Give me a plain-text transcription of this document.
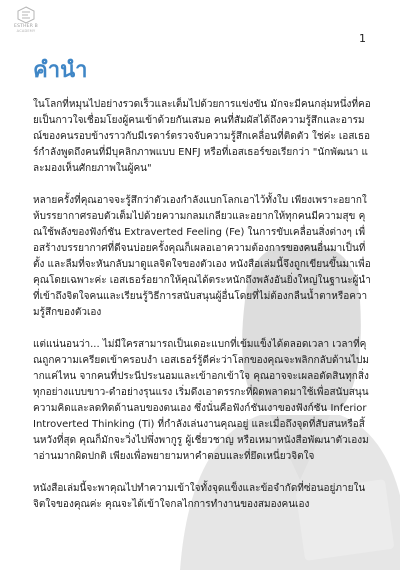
ESTHER B
ACADEMY
1
คำนำ

ในโลกที่หมุนไปอย่างรวดเร็วและเต็มไปด้วยการแข่งขัน มักจะมีคนกลุ่มหนึ่งที่คอยเป็นกาวใจเชื่อมโยงผู้คนเข้าด้วยกันเสมอ คนที่สัมผัสได้ถึงความรู้สึกและอารมณ์ของคนรอบข้างราวกับมีเรดาร์ตรวจจับความรู้สึกเคลื่อนที่ติดตัว ใช่ค่ะ เอสเธอร์กำลังพูดถึงคนที่มีบุคลิกภาพแบบ ENFJ หรือที่เอสเธอร์ขอเรียกว่า "นักพัฒนา และมองเห็นศักยภาพในผู้คน"

หลายครั้งที่คุณอาจจะรู้สึกว่าตัวเองกำลังแบกโลกเอาไว้ทั้งใบ เพียงเพราะอยากให้บรรยากาศรอบตัวเต็มไปด้วยความกลมเกลียวและอยากให้ทุกคนมีความสุข คุณใช้พลังของฟังก์ชัน Extraverted Feeling (Fe) ในการขับเคลื่อนสิ่งต่างๆ เพื่อสร้างบรรยากาศที่ดีจนบ่อยครั้งคุณก็เผลอเอาความต้องการของคนอื่นมาเป็นที่ตั้ง และลืมที่จะหันกลับมาดูแลจิตใจของตัวเอง หนังสือเล่มนี้จึงถูกเขียนขึ้นมาเพื่อคุณโดยเฉพาะค่ะ เอสเธอร์อยากให้คุณได้ตระหนักถึงพลังอันยิ่งใหญ่ในฐานะผู้นำที่เข้าถึงจิตใจคนและเรียนรู้วิธีการสนับสนุนผู้อื่นโดยที่ไม่ต้องกลืนน้ำตาหรือความรู้สึกของตัวเอง

แต่แน่นอนว่า... ไม่มีใครสามารถเป็นเดอะแบกที่เข้มแข็งได้ตลอดเวลา เวลาที่คุณถูกความเครียดเข้าครอบงำ เอสเธอร์รู้ดีค่ะว่าโลกของคุณจะพลิกกลับด้านไปมากแค่ไหน จากคนที่ประนีประนอมและเข้าอกเข้าใจ คุณอาจจะเผลอตัดสินทุกสิ่งทุกอย่างแบบขาว-ดำอย่างรุนแรง เริ่มดึงเอาตรรกะที่ผิดพลาดมาใช้เพื่อสนับสนุนความคิดและลดทิดด้านลบของตนเอง ซึ่งนั่นคือฟังก์ชันเงาของฟังก์ชัน Inferior Introverted Thinking (Ti) ที่กำลังเล่นงานคุณอยู่ และเมื่อถึงจุดที่สับสนหรือสิ้นหวังที่สุด คุณก็มักจะวิ่งไปพึ่งพากูรู ผู้เชี่ยวชาญ หรือเหมาหนังสือพัฒนาตัวเองมาอ่านมากผิดปกติ เพียงเพื่อพยายามหาคำตอบและที่ยึดเหนี่ยวจิตใจ

หนังสือเล่มนี้จะพาคุณไปทำความเข้าใจทั้งจุดแข็งและข้อจำกัดที่ซ่อนอยู่ภายในจิตใจของคุณค่ะ คุณจะได้เข้าใจกลไกการทำงานของสมองคนเอง
